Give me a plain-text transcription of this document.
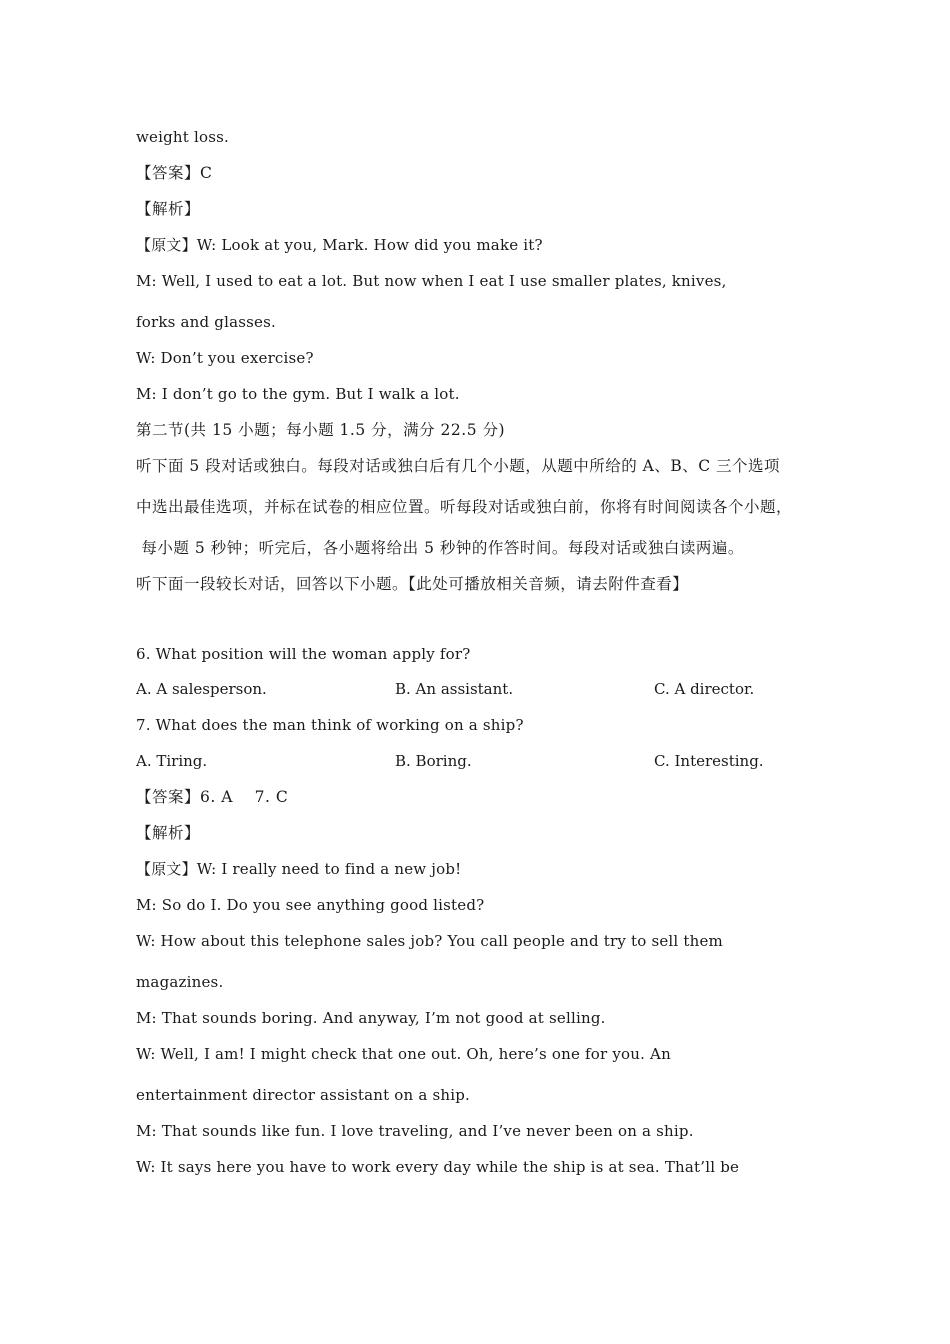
weight loss.
【答案】C
【解析】
【原文】W: Look at you, Mark. How did you make it?
M: Well, I used to eat a lot. But now when I eat I use smaller plates, knives,
forks and glasses.
W: Don’t you exercise?
M: I don’t go to the gym. But I walk a lot.
第二节(共 15 小题；每小题 1.5 分，满分 22.5 分)
听下面 5 段对话或独白。每段对话或独白后有几个小题，从题中所给的 A、B、C 三个选项
中选出最佳选项，并标在试卷的相应位置。听每段对话或独白前，你将有时间阅读各个小题，
每小题 5 秒钟；听完后，各小题将给出 5 秒钟的作答时间。每段对话或独白读两遍。
听下面一段较长对话，回答以下小题。【此处可播放相关音频，请去附件查看】
6. What position will the woman apply for?
A. A salesperson.	B. An assistant.	C. A director.
7. What does the man think of working on a ship?
A. Tiring.	B. Boring.	C. Interesting.
【答案】6. A    7. C
【解析】
【原文】W: I really need to find a new job!
M: So do I. Do you see anything good listed?
W: How about this telephone sales job? You call people and try to sell them
magazines.
M: That sounds boring. And anyway, I’m not good at selling.
W: Well, I am! I might check that one out. Oh, here’s one for you. An
entertainment director assistant on a ship.
M: That sounds like fun. I love traveling, and I’ve never been on a ship.
W: It says here you have to work every day while the ship is at sea. That’ll be
